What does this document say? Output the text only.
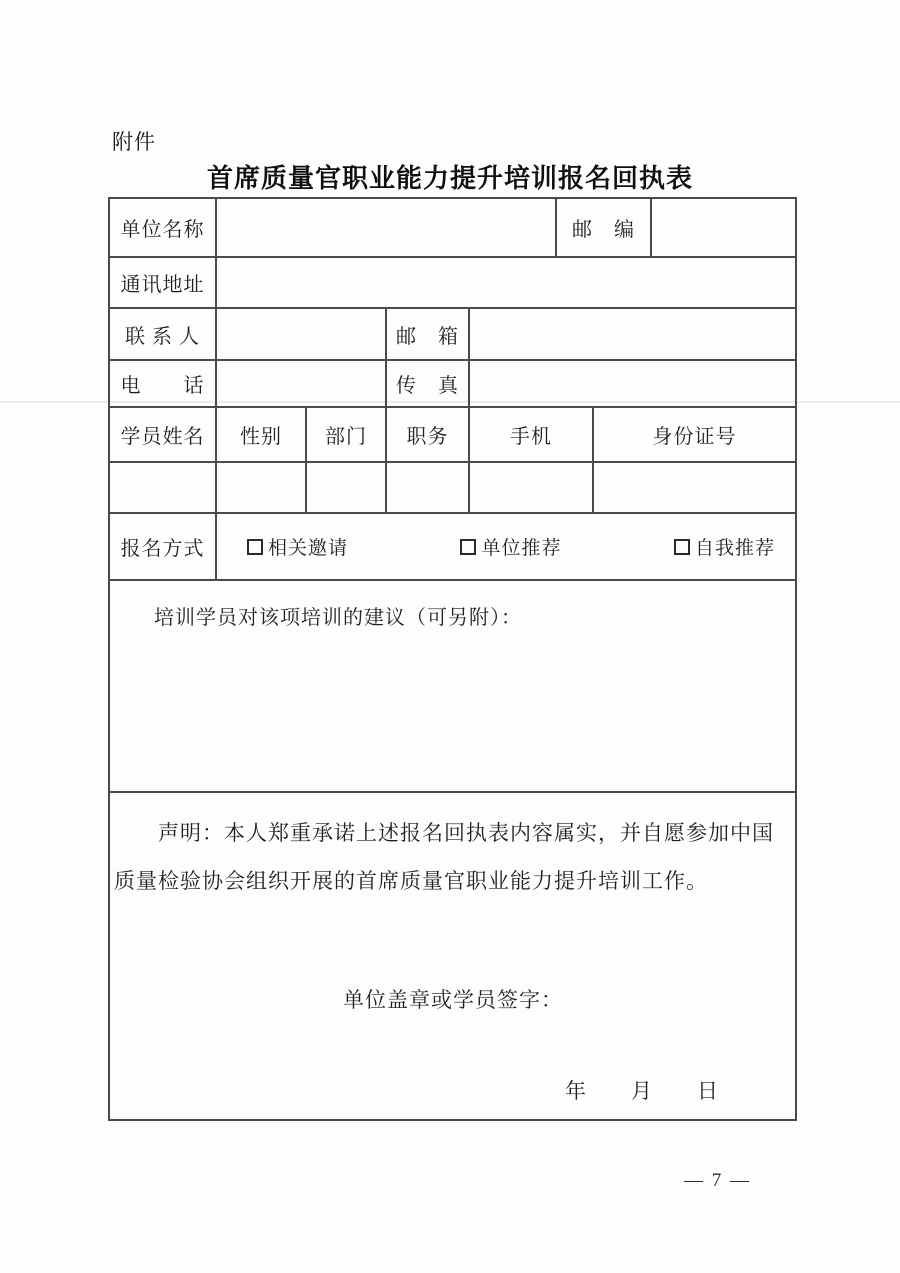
附件
首席质量官职业能力提升培训报名回执表
单位名称					邮　编		
通讯地址							
联 系 人			邮　箱				
电　　话			传　真				
学员姓名	性别	部门	职务	手机		身份证号	

报名方式	相关邀请 单位推荐 自我推荐						

培训学员对该项培训的建议（可另附）：							

声明：本人郑重承诺上述报名回执表内容属实，并自愿参加中国
质量检验协会组织开展的首席质量官职业能力提升培训工作。
单位盖章或学员签字：
年　　月　　日							
— 7 —
